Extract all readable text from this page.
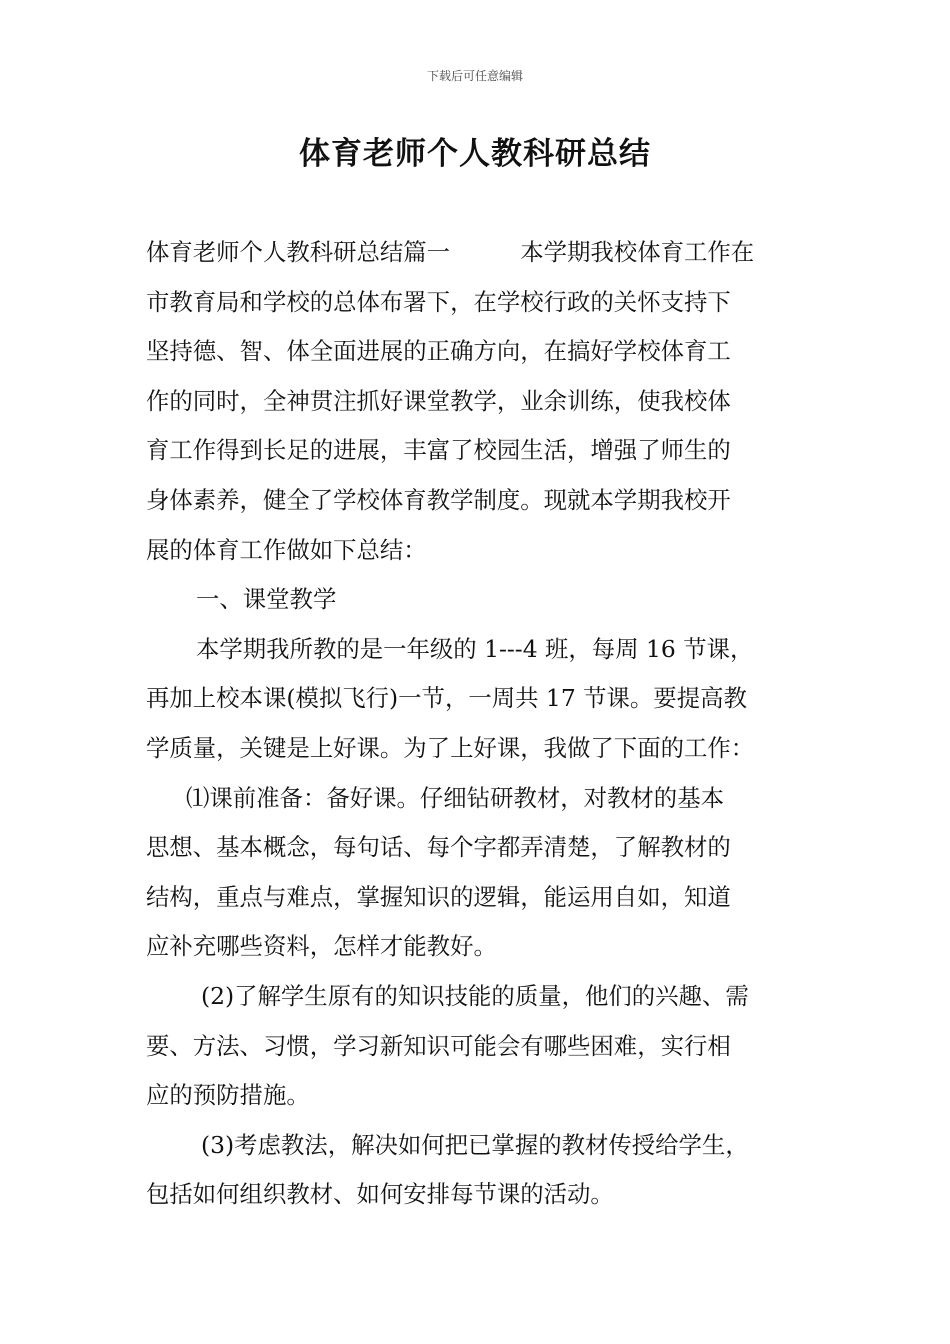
下载后可任意编辑
体育老师个人教科研总结
体育老师个人教科研总结篇一　　　本学期我校体育工作在
市教育局和学校的总体布署下，在学校行政的关怀支持下
坚持德、智、体全面进展的正确方向，在搞好学校体育工
作的同时，全神贯注抓好课堂教学，业余训练，使我校体
育工作得到长足的进展，丰富了校园生活，增强了师生的
身体素养，健全了学校体育教学制度。现就本学期我校开
展的体育工作做如下总结：
一、课堂教学
本学期我所教的是一年级的 1---4 班，每周 16 节课，
再加上校本课(模拟飞行)一节，一周共 17 节课。要提高教
学质量，关键是上好课。为了上好课，我做了下面的工作：
⑴课前准备：备好课。仔细钻研教材，对教材的基本
思想、基本概念，每句话、每个字都弄清楚，了解教材的
结构，重点与难点，掌握知识的逻辑，能运用自如，知道
应补充哪些资料，怎样才能教好。
(2)了解学生原有的知识技能的质量，他们的兴趣、需
要、方法、习惯，学习新知识可能会有哪些困难，实行相
应的预防措施。
(3)考虑教法，解决如何把已掌握的教材传授给学生，
包括如何组织教材、如何安排每节课的活动。
